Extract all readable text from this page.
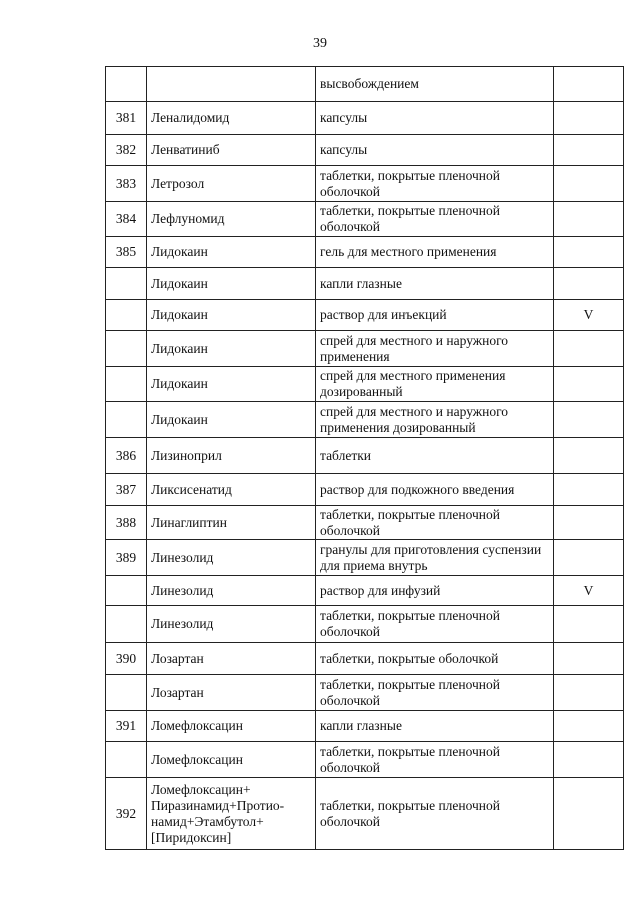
39
		высвобождением	
381	Леналидомид	капсулы	
382	Ленватиниб	капсулы	
383	Летрозол	таблетки, покрытые пленочной оболочкой	
384	Лефлуномид	таблетки, покрытые пленочной оболочкой	
385	Лидокаин	гель для местного применения	
	Лидокаин	капли глазные	
	Лидокаин	раствор для инъекций	V
	Лидокаин	спрей для местного и наружного применения	
	Лидокаин	спрей для местного применения дозированный	
	Лидокаин	спрей для местного и наружного применения дозированный	
386	Лизиноприл	таблетки	
387	Ликсисенатид	раствор для подкожного введения	
388	Линаглиптин	таблетки, покрытые пленочной оболочкой	
389	Линезолид	гранулы для приготовления суспензии для приема внутрь	
	Линезолид	раствор для инфузий	V
	Линезолид	таблетки, покрытые пленочной оболочкой	
390	Лозартан	таблетки, покрытые оболочкой	
	Лозартан	таблетки, покрытые пленочной оболочкой	
391	Ломефлоксацин	капли глазные	
	Ломефлоксацин	таблетки, покрытые пленочной оболочкой	
392	Ломефлоксацин+ Пиразинамид+Протио-намид+Этамбутол+ [Пиридоксин]	таблетки, покрытые пленочной оболочкой	
